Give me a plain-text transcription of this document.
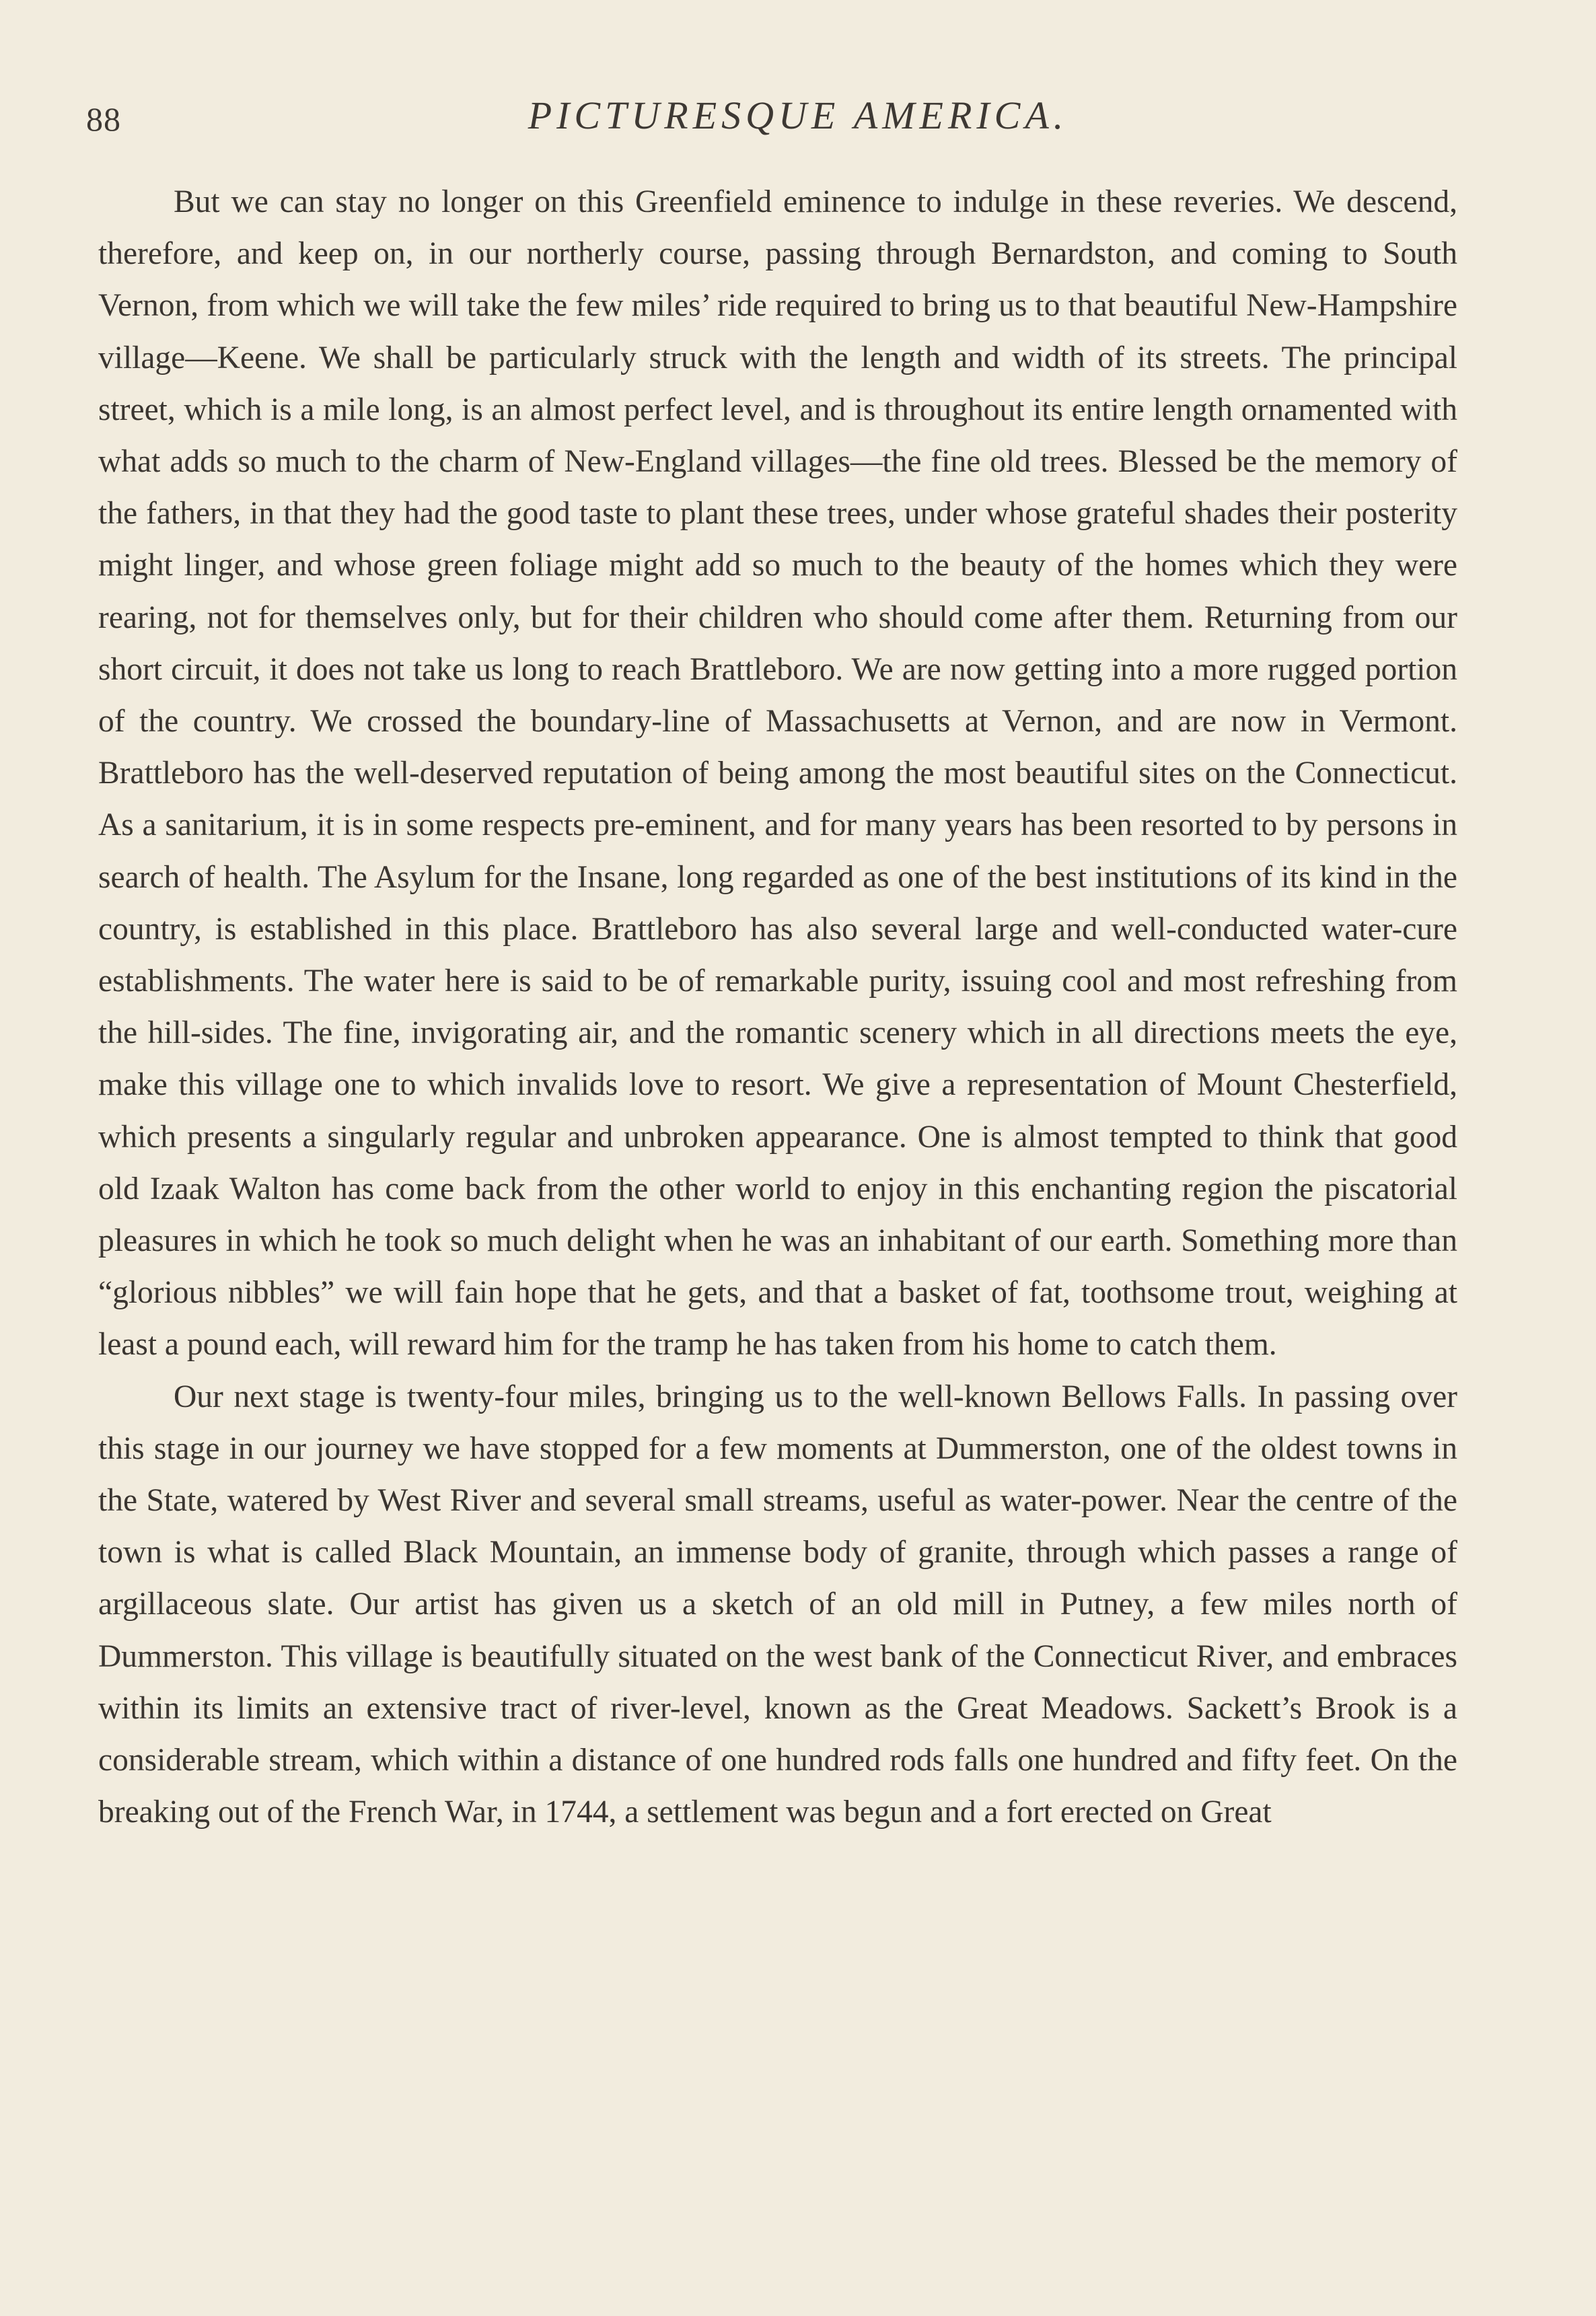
88	PICTURESQUE AMERICA.

But we can stay no longer on this Greenfield eminence to indulge in these reveries. We descend, therefore, and keep on, in our northerly course, passing through Bernardston, and coming to South Vernon, from which we will take the few miles’ ride required to bring us to that beautiful New-Hampshire village—Keene. We shall be particularly struck with the length and width of its streets. The principal street, which is a mile long, is an almost perfect level, and is throughout its entire length ornamented with what adds so much to the charm of New-England villages—the fine old trees. Blessed be the memory of the fathers, in that they had the good taste to plant these trees, under whose grateful shades their posterity might linger, and whose green foliage might add so much to the beauty of the homes which they were rearing, not for themselves only, but for their children who should come after them. Returning from our short circuit, it does not take us long to reach Brattleboro. We are now getting into a more rugged portion of the country. We crossed the boundary-line of Massachusetts at Vernon, and are now in Vermont. Brattleboro has the well-deserved reputation of being among the most beautiful sites on the Connecticut. As a sanitarium, it is in some respects pre-eminent, and for many years has been resorted to by persons in search of health. The Asylum for the Insane, long regarded as one of the best institutions of its kind in the country, is established in this place. Brattleboro has also several large and well-conducted water-cure establishments. The water here is said to be of remarkable purity, issuing cool and most refreshing from the hill-sides. The fine, invigorating air, and the romantic scenery which in all directions meets the eye, make this village one to which invalids love to resort. We give a representation of Mount Chesterfield, which presents a singularly regular and unbroken appearance. One is almost tempted to think that good old Izaak Walton has come back from the other world to enjoy in this enchanting region the piscatorial pleasures in which he took so much delight when he was an inhabitant of our earth. Something more than “glorious nibbles” we will fain hope that he gets, and that a basket of fat, toothsome trout, weighing at least a pound each, will reward him for the tramp he has taken from his home to catch them.

Our next stage is twenty-four miles, bringing us to the well-known Bellows Falls. In passing over this stage in our journey we have stopped for a few moments at Dummerston, one of the oldest towns in the State, watered by West River and several small streams, useful as water-power. Near the centre of the town is what is called Black Mountain, an immense body of granite, through which passes a range of argillaceous slate. Our artist has given us a sketch of an old mill in Putney, a few miles north of Dummerston. This village is beautifully situated on the west bank of the Connecticut River, and embraces within its limits an extensive tract of river-level, known as the Great Meadows. Sackett’s Brook is a considerable stream, which within a distance of one hundred rods falls one hundred and fifty feet. On the breaking out of the French War, in 1744, a settlement was begun and a fort erected on Great
